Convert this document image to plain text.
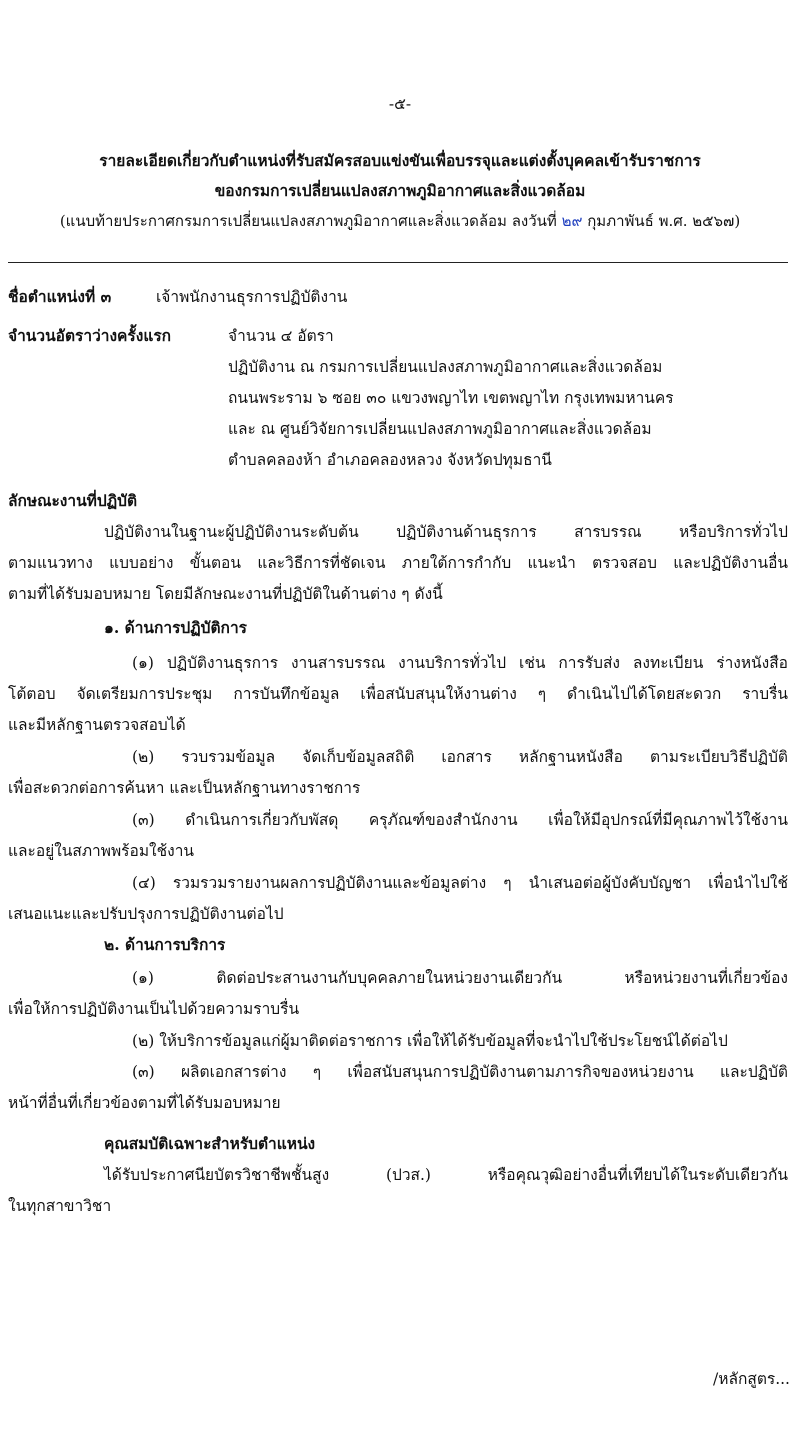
-๕-
รายละเอียดเกี่ยวกับตำแหน่งที่รับสมัครสอบแข่งขันเพื่อบรรจุและแต่งตั้งบุคคลเข้ารับราชการ
ของกรมการเปลี่ยนแปลงสภาพภูมิอากาศและสิ่งแวดล้อม
(แนบท้ายประกาศกรมการเปลี่ยนแปลงสภาพภูมิอากาศและสิ่งแวดล้อม ลงวันที่ ๒๙ กุมภาพันธ์ พ.ศ. ๒๕๖๗)
ชื่อตำแหน่งที่ ๓	เจ้าพนักงานธุรการปฏิบัติงาน
จำนวนอัตราว่างครั้งแรก	จำนวน ๔ อัตรา
ปฏิบัติงาน ณ กรมการเปลี่ยนแปลงสภาพภูมิอากาศและสิ่งแวดล้อม
ถนนพระราม ๖ ซอย ๓๐ แขวงพญาไท เขตพญาไท กรุงเทพมหานคร
และ ณ ศูนย์วิจัยการเปลี่ยนแปลงสภาพภูมิอากาศและสิ่งแวดล้อม
ตำบลคลองห้า อำเภอคลองหลวง จังหวัดปทุมธานี
ลักษณะงานที่ปฏิบัติ
ปฏิบัติงานในฐานะผู้ปฏิบัติงานระดับต้น ปฏิบัติงานด้านธุรการ สารบรรณ หรือบริการทั่วไป
ตามแนวทาง แบบอย่าง ขั้นตอน และวิธีการที่ชัดเจน ภายใต้การกำกับ แนะนำ ตรวจสอบ และปฏิบัติงานอื่น
ตามที่ได้รับมอบหมาย โดยมีลักษณะงานที่ปฏิบัติในด้านต่าง ๆ ดังนี้
๑. ด้านการปฏิบัติการ
(๑) ปฏิบัติงานธุรการ งานสารบรรณ งานบริการทั่วไป เช่น การรับส่ง ลงทะเบียน ร่างหนังสือ
โต้ตอบ จัดเตรียมการประชุม การบันทึกข้อมูล เพื่อสนับสนุนให้งานต่าง ๆ ดำเนินไปได้โดยสะดวก ราบรื่น
และมีหลักฐานตรวจสอบได้
(๒) รวบรวมข้อมูล จัดเก็บข้อมูลสถิติ เอกสาร หลักฐานหนังสือ ตามระเบียบวิธีปฏิบัติ
เพื่อสะดวกต่อการค้นหา และเป็นหลักฐานทางราชการ
(๓) ดำเนินการเกี่ยวกับพัสดุ ครุภัณฑ์ของสำนักงาน เพื่อให้มีอุปกรณ์ที่มีคุณภาพไว้ใช้งาน
และอยู่ในสภาพพร้อมใช้งาน
(๔) รวมรวมรายงานผลการปฏิบัติงานและข้อมูลต่าง ๆ นำเสนอต่อผู้บังคับบัญชา เพื่อนำไปใช้
เสนอแนะและปรับปรุงการปฏิบัติงานต่อไป
๒. ด้านการบริการ
(๑) ติดต่อประสานงานกับบุคคลภายในหน่วยงานเดียวกัน หรือหน่วยงานที่เกี่ยวข้อง
เพื่อให้การปฏิบัติงานเป็นไปด้วยความราบรื่น
(๒) ให้บริการข้อมูลแก่ผู้มาติดต่อราชการ เพื่อให้ได้รับข้อมูลที่จะนำไปใช้ประโยชน์ได้ต่อไป
(๓) ผลิตเอกสารต่าง ๆ เพื่อสนับสนุนการปฏิบัติงานตามภารกิจของหน่วยงาน และปฏิบัติ
หน้าที่อื่นที่เกี่ยวข้องตามที่ได้รับมอบหมาย
คุณสมบัติเฉพาะสำหรับตำแหน่ง
ได้รับประกาศนียบัตรวิชาชีพชั้นสูง (ปวส.) หรือคุณวุฒิอย่างอื่นที่เทียบได้ในระดับเดียวกัน
ในทุกสาขาวิชา
/หลักสูตร...
